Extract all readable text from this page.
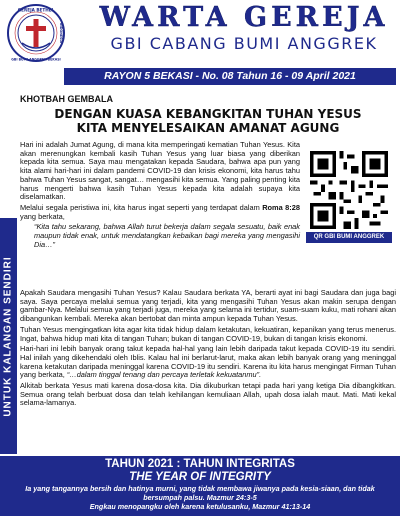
GEREJA BETHEL
GBI BUMI ANGGREK BEKASI
INDONESIA WARTA GEREJA
GBI CABANG BUMI ANGGREK
RAYON 5 BEKASI - No. 08 Tahun 16 - 09 April 2021
KHOTBAH GEMBALA
DENGAN KUASA KEBANGKITAN TUHAN YESUS
KITA MENYELESAIKAN AMANAT AGUNG
QR GBI BUMI ANGGREK

Hari ini adalah Jumat Agung, di mana kita memperingati kematian Tuhan Yesus. Kita akan merenungkan kembali kasih Tuhan Yesus yang luar biasa yang diberikan kepada kita semua. Saya mau mengatakan kepada Saudara, bahwa apa pun yang kita alami hari-hari ini dalam pandemi COVID-19 dan krisis ekonomi, kita harus tahu bahwa Tuhan Yesus sangat, sangat… mengasihi kita semua. Yang paling penting kita harus mengerti bahwa kasih Tuhan Yesus kepada kita adalah supaya kita diselamatkan.

Melalui segala peristiwa ini, kita harus ingat seperti yang terdapat dalam Roma 8:28 yang berkata,

“Kita tahu sekarang, bahwa Allah turut bekerja dalam segala sesuatu, baik enak maupun tidak enak, untuk mendatangkan kebaikan bagi mereka yang mengasihi Dia…”

Apakah Saudara mengasihi Tuhan Yesus? Kalau Saudara berkata YA, berarti ayat ini bagi Saudara dan juga bagi saya. Saya percaya melalui semua yang terjadi, kita yang mengasihi Tuhan Yesus akan makin serupa dengan gambar-Nya. Melalui semua yang terjadi juga, mereka yang selama ini tertidur, suam-suam kuku, mati rohani akan dibangunkan kembali. Mereka akan bertobat dan minta ampun kepada Tuhan Yesus.

Tuhan Yesus mengingatkan kita agar kita tidak hidup dalam ketakutan, kekuatiran, kepanikan yang terus menerus. Ingat, bahwa hidup mati kita di tangan Tuhan; bukan di tangan COVID-19, bukan di tangan krisis ekonomi.

Hari-hari ini lebih banyak orang takut kepada hal-hal yang lain lebih daripada takut kepada COVID-19 itu sendiri. Hal inilah yang dikehendaki oleh Iblis. Kalau hal ini berlarut-larut, maka akan lebih banyak orang yang meninggal karena ketakutan daripada meninggal karena COVID-19 itu sendiri. Karena itu kita harus mengingat Firman Tuhan yang berkata, “…dalam tinggal tenang dan percaya terletak kekuatanmu”.

Alkitab berkata Yesus mati karena dosa-dosa kita. Dia dikuburkan tetapi pada hari yang ketiga Dia dibangkitkan. Semua orang telah berbuat dosa dan telah kehilangan kemuliaan Allah, upah dosa ialah maut. Mati. Mati kekal selama-lamanya.

UNTUK KALANGAN SENDIRI
TAHUN 2021 : TAHUN INTEGRITAS
THE YEAR OF INTEGRITY
Ia yang tangannya bersih dan hatinya murni, yang tidak membawa jiwanya pada kesia-siaan, dan tidak bersumpah palsu. Mazmur 24:3-5
Engkau menopangku oleh karena ketulusanku, Mazmur 41:13-14
